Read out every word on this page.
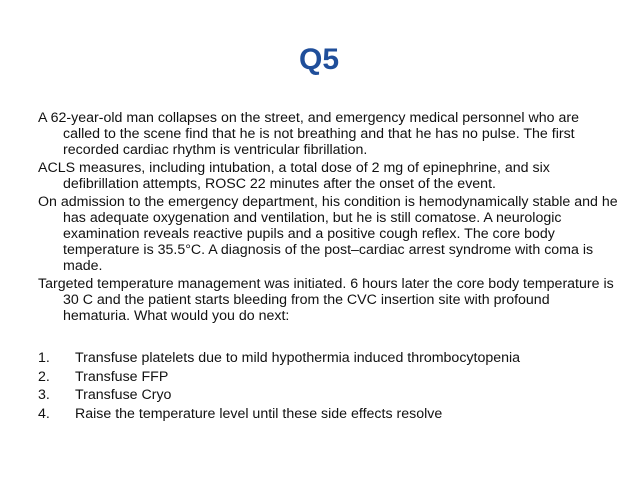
Q5

A 62-year-old man collapses on the street, and emergency medical personnel who are called to the scene find that he is not breathing and that he has no pulse. The first recorded cardiac rhythm is ventricular fibrillation.

ACLS measures, including intubation, a total dose of 2 mg of epinephrine, and six defibrillation attempts, ROSC 22 minutes after the onset of the event.

On admission to the emergency department, his condition is hemodynamically stable and he has adequate oxygenation and ventilation, but he is still comatose. A neurologic examination reveals reactive pupils and a positive cough reflex. The core body temperature is 35.5°C. A diagnosis of the post–cardiac arrest syndrome with coma is made.

Targeted temperature management was initiated. 6 hours later the core body temperature is 30 C and the patient starts bleeding from the CVC insertion site with profound hematuria. What would you do next:

1.	Transfuse platelets due to mild hypothermia induced thrombocytopenia
2.	Transfuse FFP
3.	Transfuse Cryo
4.	Raise the temperature level until these side effects resolve
